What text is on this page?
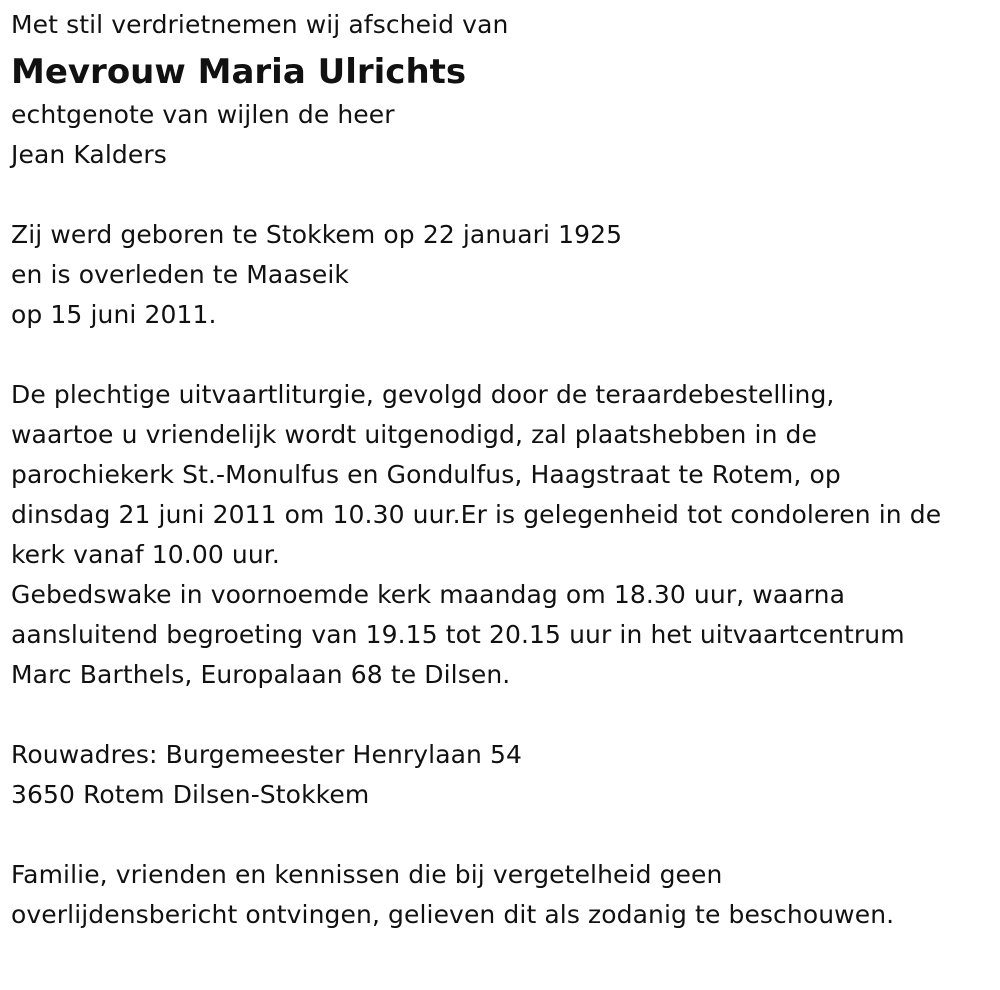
Met stil verdrietnemen wij afscheid van
Mevrouw Maria Ulrichts
echtgenote van wijlen de heer
Jean Kalders
Zij werd geboren te Stokkem op 22 januari 1925
en is overleden te Maaseik
op 15 juni 2011.
De plechtige uitvaartliturgie, gevolgd door de teraardebestelling,
waartoe u vriendelijk wordt uitgenodigd, zal plaatshebben in de
parochiekerk St.-Monulfus en Gondulfus, Haagstraat te Rotem, op
dinsdag 21 juni 2011 om 10.30 uur.Er is gelegenheid tot condoleren in de
kerk vanaf 10.00 uur.
Gebedswake in voornoemde kerk maandag om 18.30 uur, waarna
aansluitend begroeting van 19.15 tot 20.15 uur in het uitvaartcentrum
Marc Barthels, Europalaan 68 te Dilsen.
Rouwadres: Burgemeester Henrylaan 54
3650 Rotem Dilsen-Stokkem
Familie, vrienden en kennissen die bij vergetelheid geen
overlijdensbericht ontvingen, gelieven dit als zodanig te beschouwen.
